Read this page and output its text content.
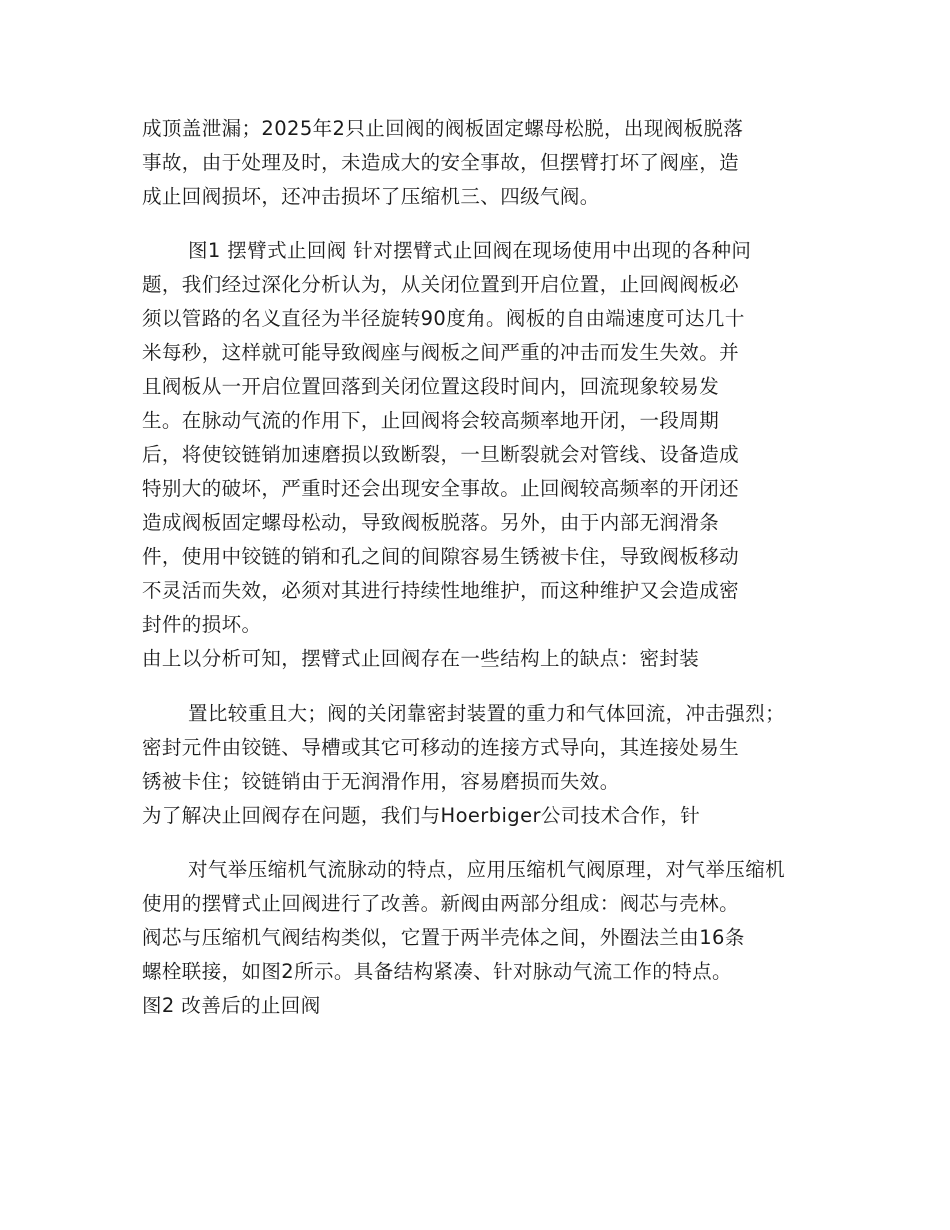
成顶盖泄漏；2025年2只止回阀的阀板固定螺母松脱，出现阀板脱落
事故，由于处理及时，未造成大的安全事故，但摆臂打坏了阀座，造
成止回阀损坏，还冲击损坏了压缩机三、四级气阀。
图1 摆臂式止回阀 针对摆臂式止回阀在现场使用中出现的各种问
题，我们经过深化分析认为，从关闭位置到开启位置，止回阀阀板必
须以管路的名义直径为半径旋转90度角。阀板的自由端速度可达几十
米每秒，这样就可能导致阀座与阀板之间严重的冲击而发生失效。并
且阀板从一开启位置回落到关闭位置这段时间内，回流现象较易发
生。在脉动气流的作用下，止回阀将会较高频率地开闭，一段周期
后，将使铰链销加速磨损以致断裂，一旦断裂就会对管线、设备造成
特别大的破坏，严重时还会出现安全事故。止回阀较高频率的开闭还
造成阀板固定螺母松动，导致阀板脱落。另外，由于内部无润滑条
件，使用中铰链的销和孔之间的间隙容易生锈被卡住，导致阀板移动
不灵活而失效，必须对其进行持续性地维护，而这种维护又会造成密
封件的损坏。
由上以分析可知，摆臂式止回阀存在一些结构上的缺点：密封装
置比较重且大；阀的关闭靠密封装置的重力和气体回流，冲击强烈；
密封元件由铰链、导槽或其它可移动的连接方式导向，其连接处易生
锈被卡住；铰链销由于无润滑作用，容易磨损而失效。
为了解决止回阀存在问题，我们与Hoerbiger公司技术合作，针
对气举压缩机气流脉动的特点，应用压缩机气阀原理，对气举压缩机
使用的摆臂式止回阀进行了改善。新阀由两部分组成：阀芯与壳林。
阀芯与压缩机气阀结构类似，它置于两半壳体之间，外圈法兰由16条
螺栓联接，如图2所示。具备结构紧凑、针对脉动气流工作的特点。
图2 改善后的止回阀
